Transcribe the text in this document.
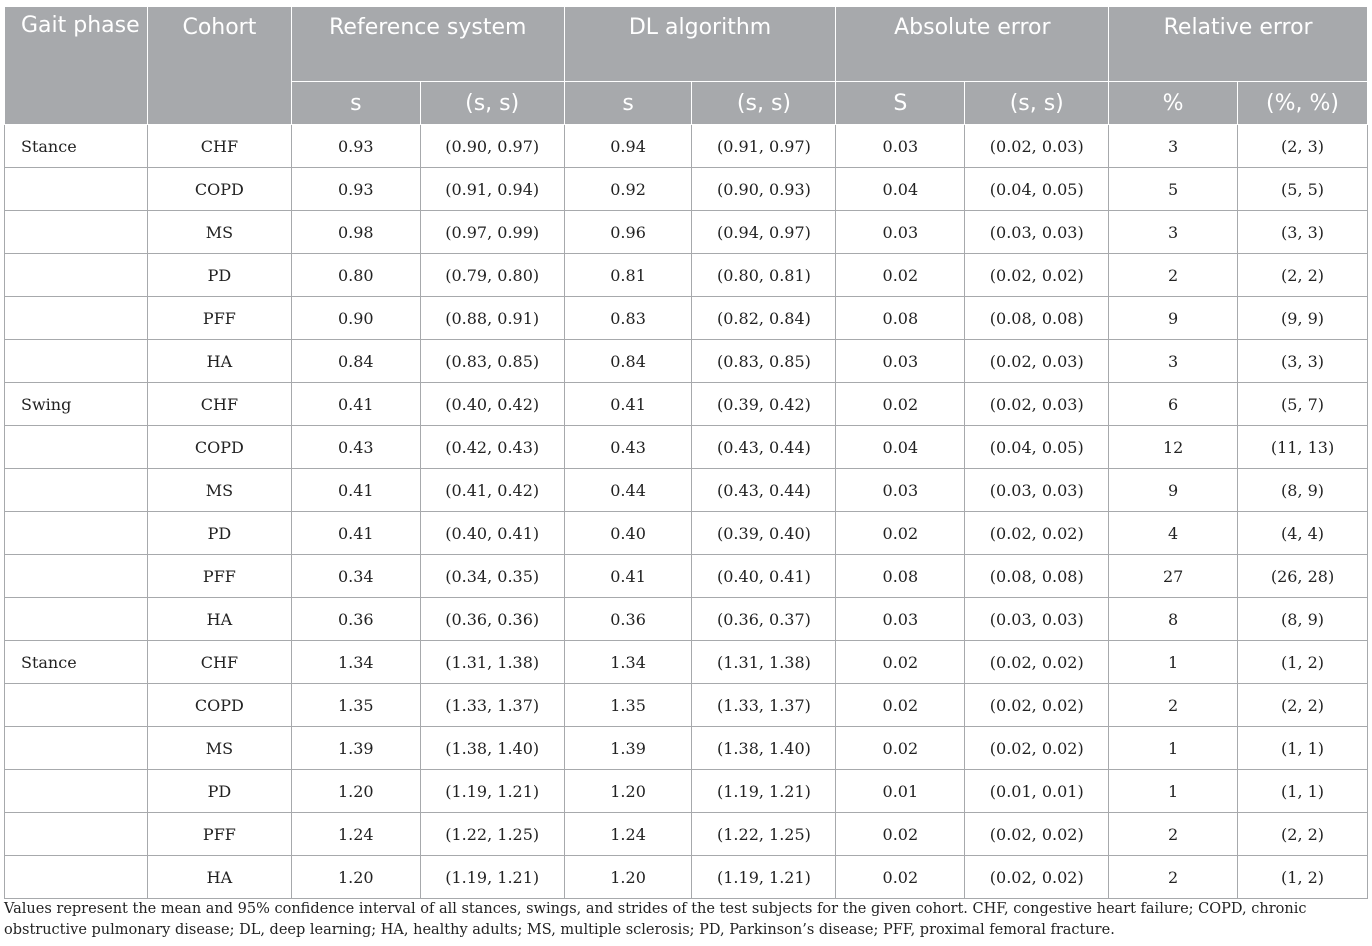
Gait phase	Cohort	Reference system		DL algorithm		Absolute error		Relative error	
		s	(s, s)	s	(s, s)	S	(s, s)	%	(%, %)
Stance	CHF	0.93	(0.90, 0.97)	0.94	(0.91, 0.97)	0.03	(0.02, 0.03)	3	(2, 3)
	COPD	0.93	(0.91, 0.94)	0.92	(0.90, 0.93)	0.04	(0.04, 0.05)	5	(5, 5)
	MS	0.98	(0.97, 0.99)	0.96	(0.94, 0.97)	0.03	(0.03, 0.03)	3	(3, 3)
	PD	0.80	(0.79, 0.80)	0.81	(0.80, 0.81)	0.02	(0.02, 0.02)	2	(2, 2)
	PFF	0.90	(0.88, 0.91)	0.83	(0.82, 0.84)	0.08	(0.08, 0.08)	9	(9, 9)
	HA	0.84	(0.83, 0.85)	0.84	(0.83, 0.85)	0.03	(0.02, 0.03)	3	(3, 3)
Swing	CHF	0.41	(0.40, 0.42)	0.41	(0.39, 0.42)	0.02	(0.02, 0.03)	6	(5, 7)
	COPD	0.43	(0.42, 0.43)	0.43	(0.43, 0.44)	0.04	(0.04, 0.05)	12	(11, 13)
	MS	0.41	(0.41, 0.42)	0.44	(0.43, 0.44)	0.03	(0.03, 0.03)	9	(8, 9)
	PD	0.41	(0.40, 0.41)	0.40	(0.39, 0.40)	0.02	(0.02, 0.02)	4	(4, 4)
	PFF	0.34	(0.34, 0.35)	0.41	(0.40, 0.41)	0.08	(0.08, 0.08)	27	(26, 28)
	HA	0.36	(0.36, 0.36)	0.36	(0.36, 0.37)	0.03	(0.03, 0.03)	8	(8, 9)
Stance	CHF	1.34	(1.31, 1.38)	1.34	(1.31, 1.38)	0.02	(0.02, 0.02)	1	(1, 2)
	COPD	1.35	(1.33, 1.37)	1.35	(1.33, 1.37)	0.02	(0.02, 0.02)	2	(2, 2)
	MS	1.39	(1.38, 1.40)	1.39	(1.38, 1.40)	0.02	(0.02, 0.02)	1	(1, 1)
	PD	1.20	(1.19, 1.21)	1.20	(1.19, 1.21)	0.01	(0.01, 0.01)	1	(1, 1)
	PFF	1.24	(1.22, 1.25)	1.24	(1.22, 1.25)	0.02	(0.02, 0.02)	2	(2, 2)
	HA	1.20	(1.19, 1.21)	1.20	(1.19, 1.21)	0.02	(0.02, 0.02)	2	(1, 2)
Values represent the mean and 95% confidence interval of all stances, swings, and strides of the test subjects for the given cohort. CHF, congestive heart failure; COPD, chronic obstructive pulmonary disease; DL, deep learning; HA, healthy adults; MS, multiple sclerosis; PD, Parkinson’s disease; PFF, proximal femoral fracture.
